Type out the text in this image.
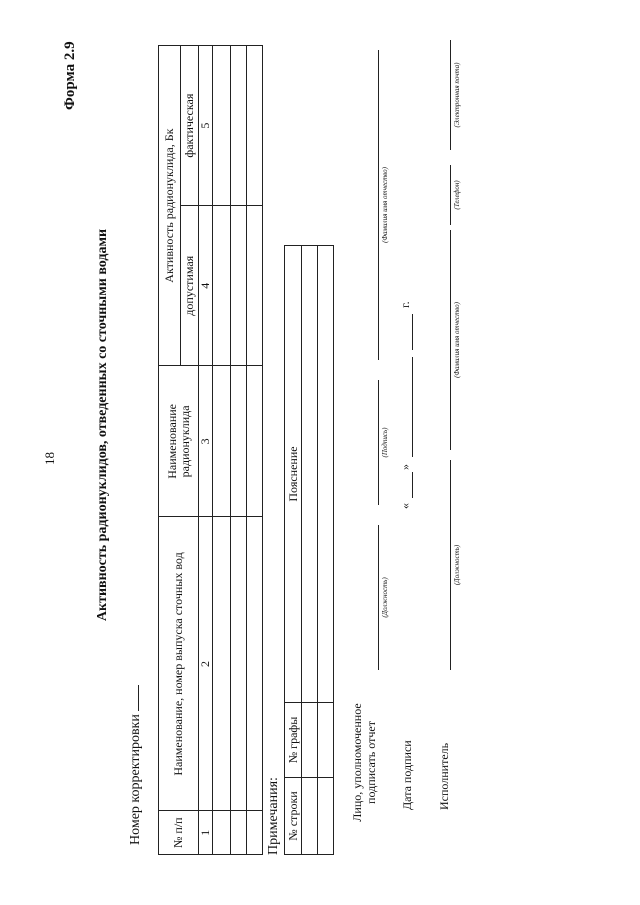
18
Форма 2.9
Активность радионуклидов, отведенных со сточными водами
Номер корректировки № п/п	Наименование, номер выпуска сточных вод	Наименование радионуклида	Активность радионуклида, Бк	
			допустимая	фактическая
1	2	3	4	5

Примечания: № строки	№ графы	Пояснение

Лицо, уполномоченное подписать отчет
(Должность)
(Подпись)
(Фамилия имя отчество)
Дата подписи
«
»
г.
Исполнитель
(Должность)
(Фамилия имя отчество)
(Телефон)
(Электронная почта)
